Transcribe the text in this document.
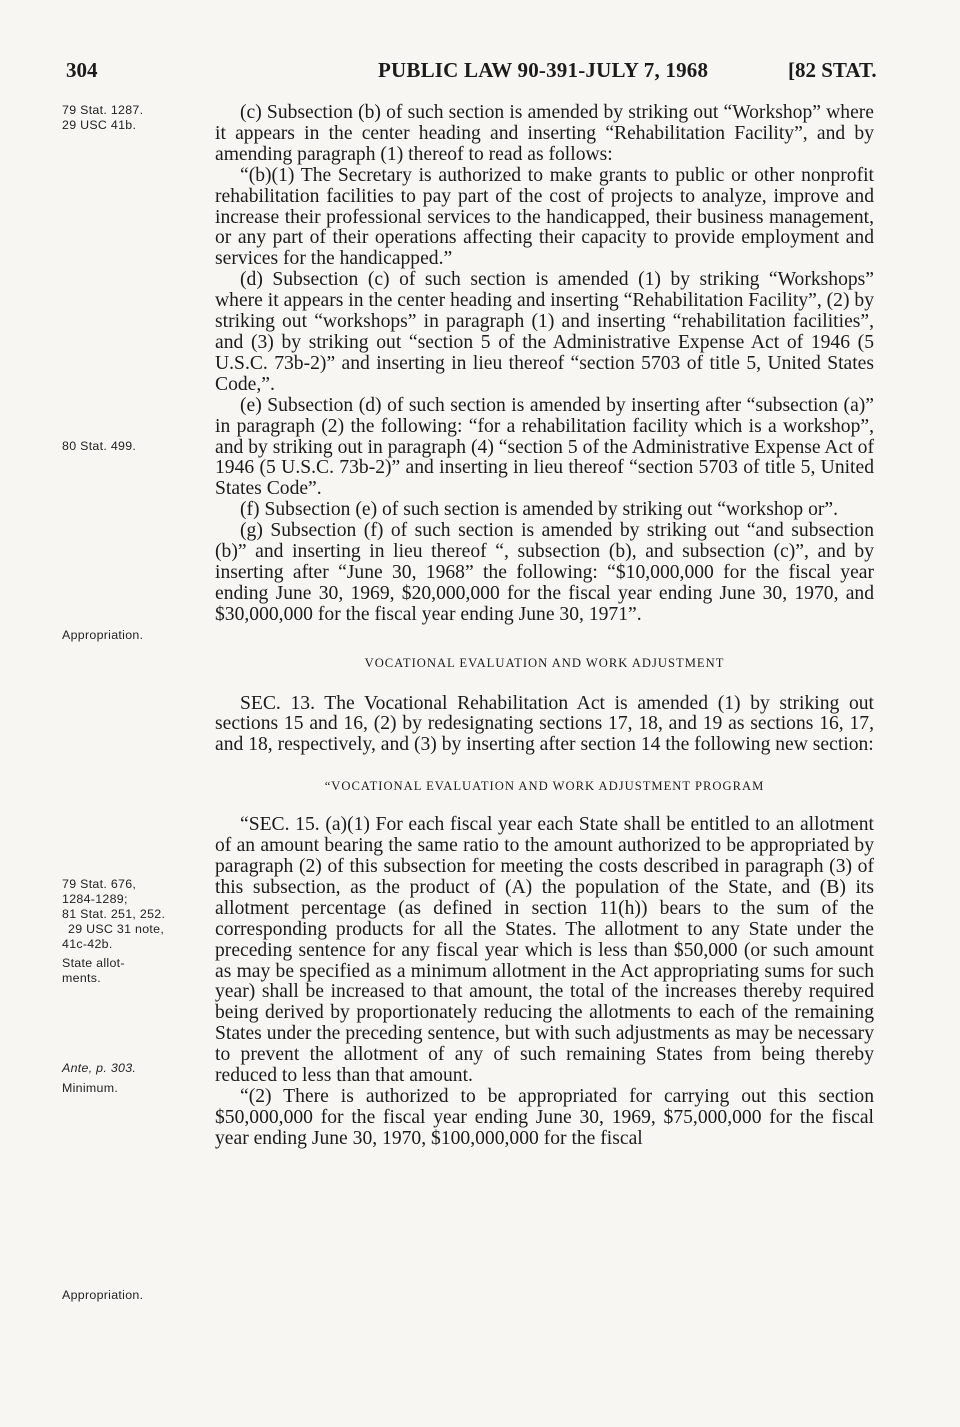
304	PUBLIC LAW 90-391-JULY 7, 1968	[82 STAT.
79 Stat. 1287.
29 USC 41b.
80 Stat. 499.
Appropriation.
79 Stat. 676,
1284-1289;
81 Stat. 251, 252.
29 USC 31 note,
41c-42b.
State allot-
ments.
Ante, p. 303.
Minimum.
Appropriation.

(c) Subsection (b) of such section is amended by striking out “Workshop” where it appears in the center heading and inserting “Rehabilitation Facility”, and by amending paragraph (1) thereof to read as follows:

“(b)(1) The Secretary is authorized to make grants to public or other nonprofit rehabilitation facilities to pay part of the cost of projects to analyze, improve and increase their professional services to the handicapped, their business management, or any part of their operations affecting their capacity to provide employment and services for the handicapped.”

(d) Subsection (c) of such section is amended (1) by striking “Workshops” where it appears in the center heading and inserting “Rehabilitation Facility”, (2) by striking out “workshops” in paragraph (1) and inserting “rehabilitation facilities”, and (3) by striking out “section 5 of the Administrative Expense Act of 1946 (5 U.S.C. 73b-2)” and inserting in lieu thereof “section 5703 of title 5, United States Code,”.

(e) Subsection (d) of such section is amended by inserting after “subsection (a)” in paragraph (2) the following: “for a rehabilitation facility which is a workshop”, and by striking out in paragraph (4) “section 5 of the Administrative Expense Act of 1946 (5 U.S.C. 73b-2)” and inserting in lieu thereof “section 5703 of title 5, United States Code”.

(f) Subsection (e) of such section is amended by striking out “workshop or”.

(g) Subsection (f) of such section is amended by striking out “and subsection (b)” and inserting in lieu thereof “, subsection (b), and subsection (c)”, and by inserting after “June 30, 1968” the following: “$10,000,000 for the fiscal year ending June 30, 1969, $20,000,000 for the fiscal year ending June 30, 1970, and $30,000,000 for the fiscal year ending June 30, 1971”.

VOCATIONAL EVALUATION AND WORK ADJUSTMENT

SEC. 13. The Vocational Rehabilitation Act is amended (1) by striking out sections 15 and 16, (2) by redesignating sections 17, 18, and 19 as sections 16, 17, and 18, respectively, and (3) by inserting after section 14 the following new section:

“VOCATIONAL EVALUATION AND WORK ADJUSTMENT PROGRAM

“SEC. 15. (a)(1) For each fiscal year each State shall be entitled to an allotment of an amount bearing the same ratio to the amount authorized to be appropriated by paragraph (2) of this subsection for meeting the costs described in paragraph (3) of this subsection, as the product of (A) the population of the State, and (B) its allotment percentage (as defined in section 11(h)) bears to the sum of the corresponding products for all the States. The allotment to any State under the preceding sentence for any fiscal year which is less than $50,000 (or such amount as may be specified as a minimum allotment in the Act appropriating sums for such year) shall be increased to that amount, the total of the increases thereby required being derived by proportionately reducing the allotments to each of the remaining States under the preceding sentence, but with such adjustments as may be necessary to prevent the allotment of any of such remaining States from being thereby reduced to less than that amount.

“(2) There is authorized to be appropriated for carrying out this section $50,000,000 for the fiscal year ending June 30, 1969, $75,000,000 for the fiscal year ending June 30, 1970, $100,000,000 for the fiscal
